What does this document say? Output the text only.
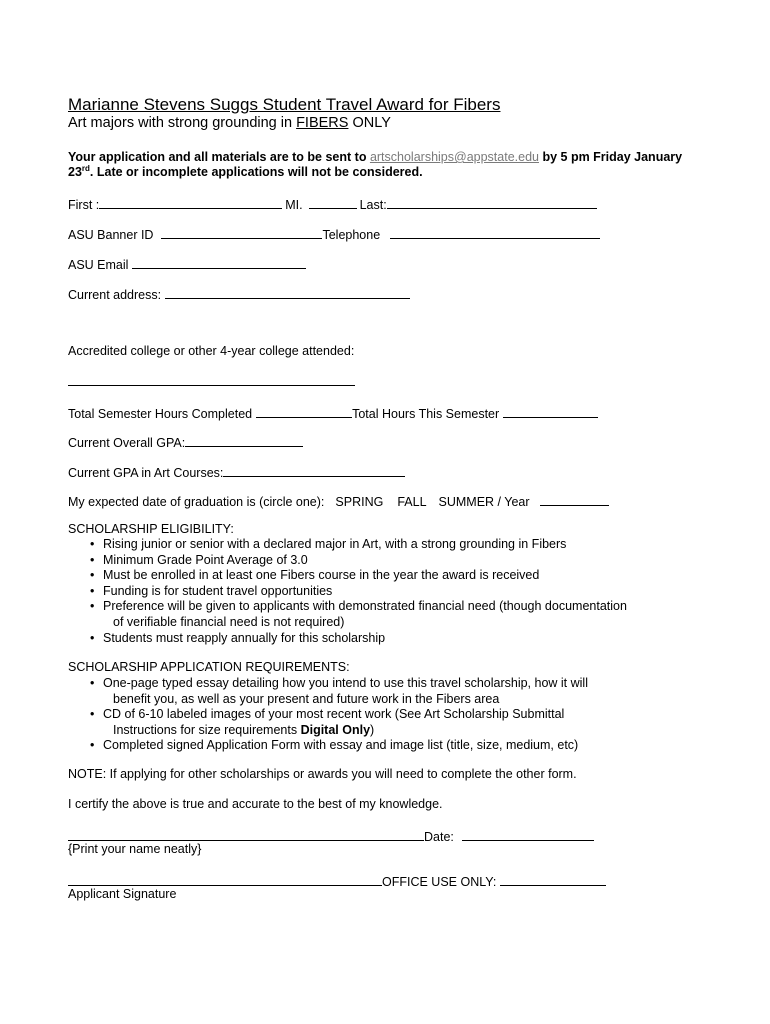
Marianne Stevens Suggs Student Travel Award for Fibers
Art majors with strong grounding in FIBERS ONLY
Your application and all materials are to be sent to artscholarships@appstate.edu by 5 pm Friday January
23rd. Late or incomplete applications will not be considered.
First :	MI.	Last:
ASU Banner ID	Telephone
ASU Email
Current address:
Accredited college or other 4-year college attended:
Total Semester Hours Completed	Total Hours This Semester
Current Overall GPA:
Current GPA in Art Courses:
My expected date of graduation is (circle one): SPRING FALL SUMMER / Year
SCHOLARSHIP ELIGIBILITY:
• Rising junior or senior with a declared major in Art, with a strong grounding in Fibers
• Minimum Grade Point Average of 3.0
• Must be enrolled in at least one Fibers course in the year the award is received
• Funding is for student travel opportunities
• Preference will be given to applicants with demonstrated financial need (though documentation
of verifiable financial need is not required)
• Students must reapply annually for this scholarship
SCHOLARSHIP APPLICATION REQUIREMENTS:
• One-page typed essay detailing how you intend to use this travel scholarship, how it will
benefit you, as well as your present and future work in the Fibers area
• CD of 6-10 labeled images of your most recent work (See Art Scholarship Submittal
Instructions for size requirements Digital Only)
• Completed signed Application Form with essay and image list (title, size, medium, etc)
NOTE: If applying for other scholarships or awards you will need to complete the other form.
I certify the above is true and accurate to the best of my knowledge.
Date:
{Print your name neatly}
OFFICE USE ONLY:
Applicant Signature
